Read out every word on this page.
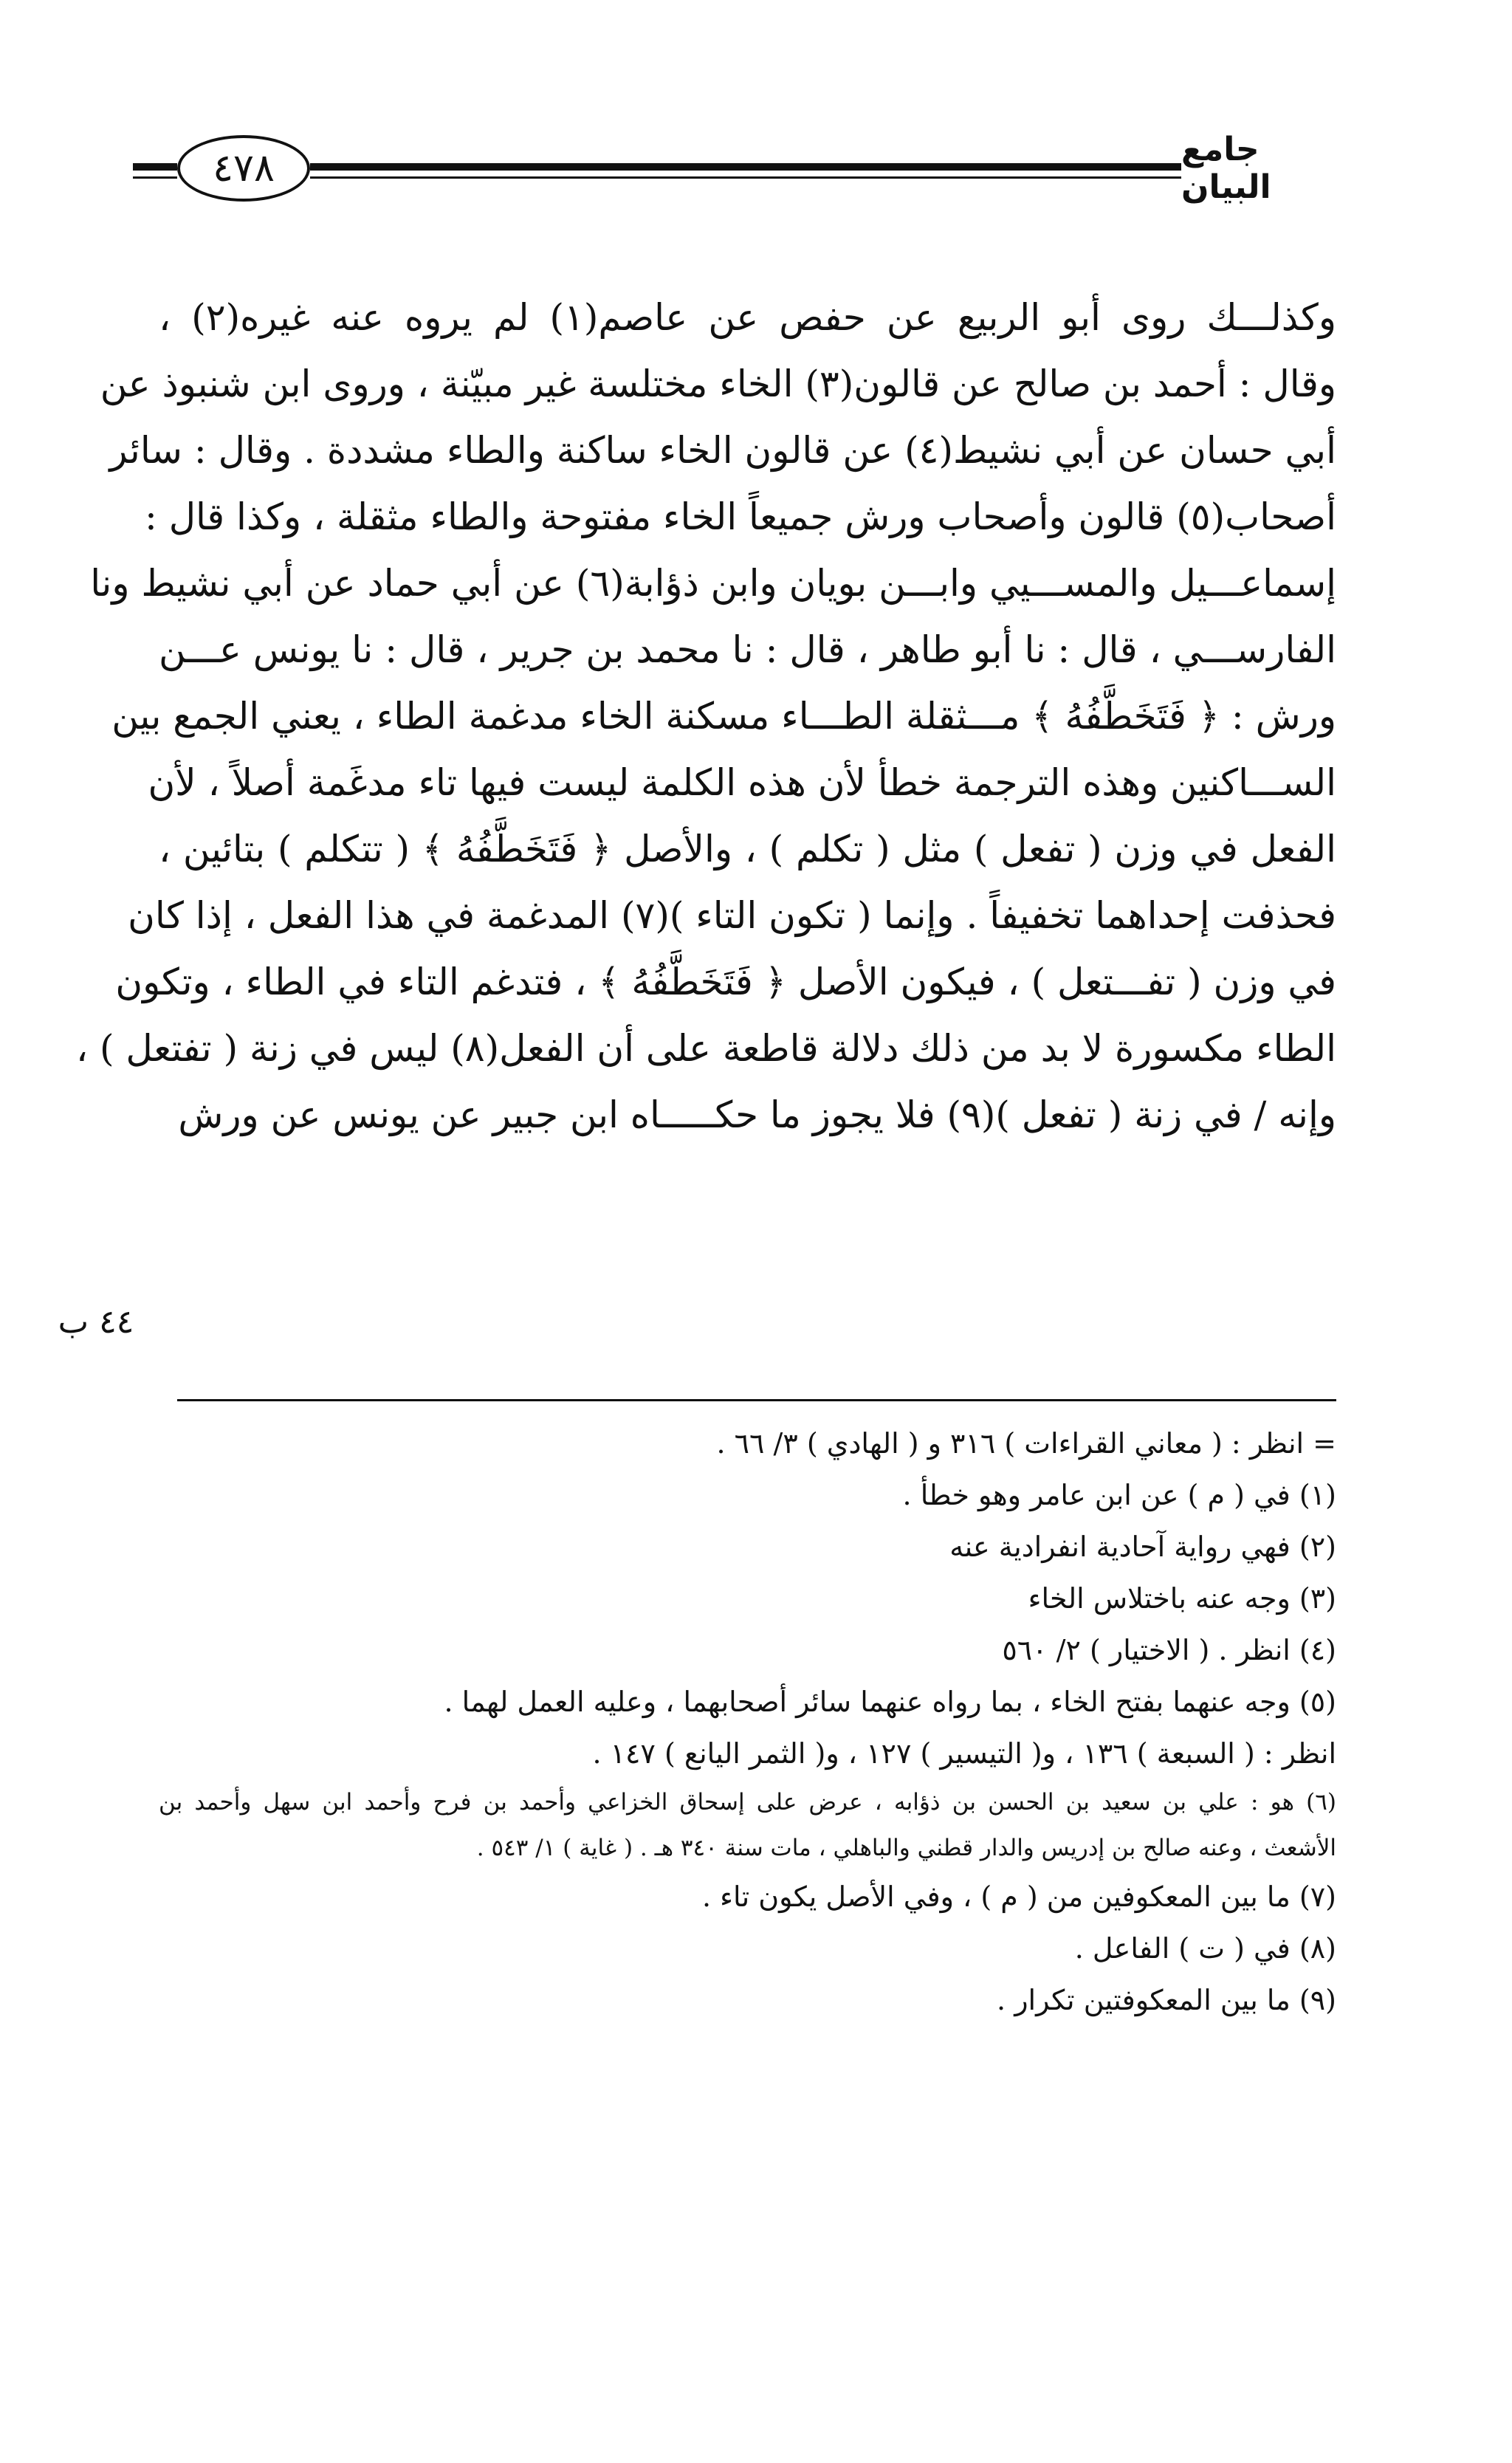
٤٧٨	جامع البيان
وكذلـــك روى أبو الربيع عن حفص عن عاصم(١) لم يروه عنه غيره(٢) ،
وقال : أحمد بن صالح عن قالون(٣) الخاء مختلسة غير مبيّنة ، وروى ابن شنبوذ عن
أبي حسان عن أبي نشيط(٤) عن قالون الخاء ساكنة والطاء مشددة . وقال : سائر
أصحاب(٥) قالون وأصحاب ورش جميعاً الخاء مفتوحة والطاء مثقلة ، وكذا قال :
إسماعـــيل والمســـيي وابـــن بويان وابن ذؤابة(٦) عن أبي حماد عن أبي نشيط ونا
الفارســـي ، قال : نا أبو طاهر ، قال : نا محمد بن جرير ، قال : نا يونس عـــن
ورش : ﴿ فَتَخَطَّفُهُ ﴾ مـــثقلة الطـــاء مسكنة الخاء مدغمة الطاء ، يعني الجمع بين
الســـاكنين وهذه الترجمة خطأ لأن هذه الكلمة ليست فيها تاء مدغَمة أصلاً ، لأن
الفعل في وزن ( تفعل ) مثل ( تكلم ) ، والأصل ﴿ فَتَخَطَّفُهُ ﴾ ( تتكلم ) بتائين ،
فحذفت إحداهما تخفيفاً . وإنما ( تكون التاء )(٧) المدغمة في هذا الفعل ، إذا كان
في وزن ( تفـــتعل ) ، فيكون الأصل ﴿ فَتَخَطَّفُهُ ﴾ ، فتدغم التاء في الطاء ، وتكون
الطاء مكسورة لا بد من ذلك دلالة قاطعة على أن الفعل(٨) ليس في زنة ( تفتعل ) ،
وإنه / في زنة ( تفعل )(٩) فلا يجوز ما حكـــــاه ابن جبير عن يونس عن ورش
٤٤ ب
= انظر : ( معاني القراءات ) ٣١٦ و ( الهادي ) ٣/ ٦٦ .
(١) في ( م ) عن ابن عامر وهو خطأ .
(٢) فهي رواية آحادية انفرادية عنه
(٣) وجه عنه باختلاس الخاء
(٤) انظر . ( الاختيار ) ٢/ ٥٦٠
(٥) وجه عنهما بفتح الخاء ، بما رواه عنهما سائر أصحابهما ، وعليه العمل لهما .
انظر : ( السبعة ) ١٣٦ ، و( التيسير ) ١٢٧ ، و( الثمر اليانع ) ١٤٧ .
(٦) هو : علي بن سعيد بن الحسن بن ذؤابه ، عرض على إسحاق الخزاعي وأحمد بن فرح وأحمد ابن سهل وأحمد بن
الأشعث ، وعنه صالح بن إدريس والدار قطني والباهلي ، مات سنة ٣٤٠ هـ . ( غاية ) ١/ ٥٤٣ .
(٧) ما بين المعكوفين من ( م ) ، وفي الأصل يكون تاء .
(٨) في ( ت ) الفاعل .
(٩) ما بين المعكوفتين تكرار .
